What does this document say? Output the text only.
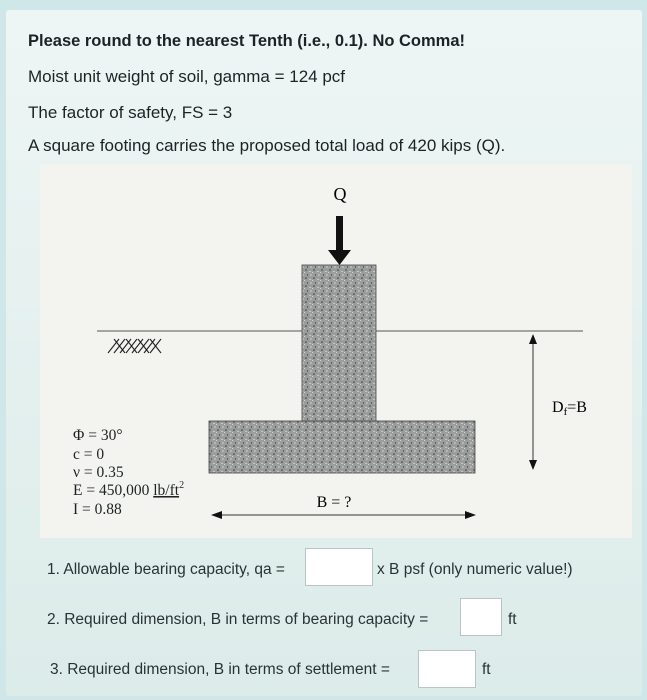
Please round to the nearest Tenth (i.e., 0.1). No Comma!
Moist unit weight of soil, gamma = 124 pcf
The factor of safety, FS = 3
A square footing carries the proposed total load of 420 kips (Q).
Q
Df=B
B = ?
Φ = 30°
c = 0
ν = 0.35
E = 450,000 $lb/ft^2$
I = 0.88
1. Allowable bearing capacity, qa =	x B psf (only numeric value!)
2. Required dimension, B in terms of bearing capacity =	ft
3. Required dimension, B in terms of settlement =	ft
